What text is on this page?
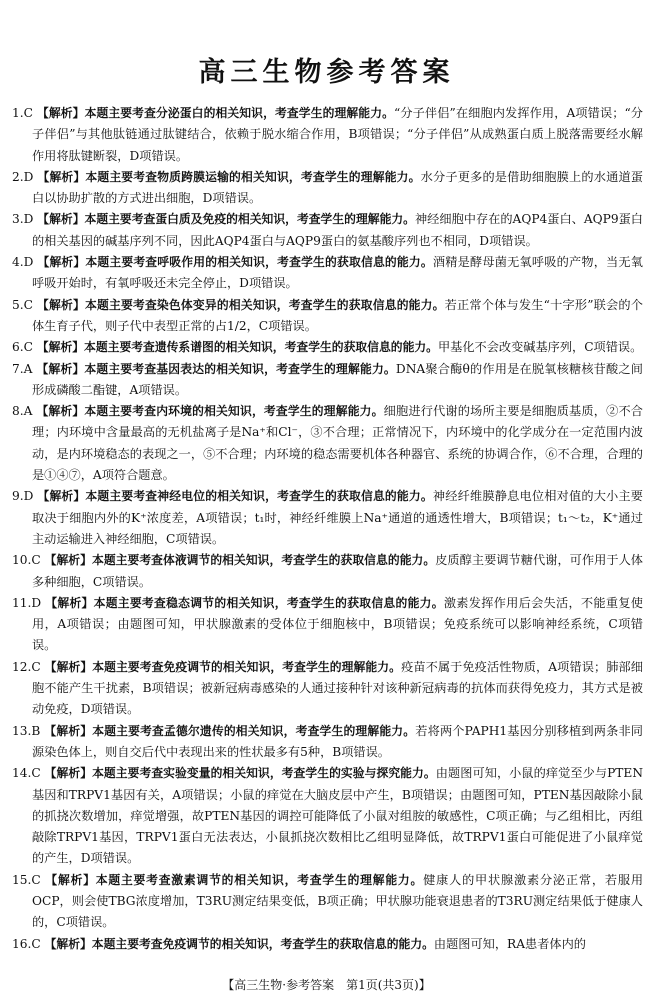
高三生物参考答案

1.C 【解析】本题主要考查分泌蛋白的相关知识，考查学生的理解能力。“分子伴侣”在细胞内发挥作用，A项错误；“分子伴侣”与其他肽链通过肽键结合，依赖于脱水缩合作用，B项错误；“分子伴侣”从成熟蛋白质上脱落需要经水解作用将肽键断裂，D项错误。

2.D 【解析】本题主要考查物质跨膜运输的相关知识，考查学生的理解能力。水分子更多的是借助细胞膜上的水通道蛋白以协助扩散的方式进出细胞，D项错误。

3.D 【解析】本题主要考查蛋白质及免疫的相关知识，考查学生的理解能力。神经细胞中存在的AQP4蛋白、AQP9蛋白的相关基因的碱基序列不同，因此AQP4蛋白与AQP9蛋白的氨基酸序列也不相同，D项错误。

4.D 【解析】本题主要考查呼吸作用的相关知识，考查学生的获取信息的能力。酒精是酵母菌无氧呼吸的产物，当无氧呼吸开始时，有氧呼吸还未完全停止，D项错误。

5.C 【解析】本题主要考查染色体变异的相关知识，考查学生的获取信息的能力。若正常个体与发生“十字形”联会的个体生育子代，则子代中表型正常的占1/2，C项错误。

6.C 【解析】本题主要考查遗传系谱图的相关知识，考查学生的获取信息的能力。甲基化不会改变碱基序列，C项错误。

7.A 【解析】本题主要考查基因表达的相关知识，考查学生的理解能力。DNA聚合酶θ的作用是在脱氧核糖核苷酸之间形成磷酸二酯键，A项错误。

8.A 【解析】本题主要考查内环境的相关知识，考查学生的理解能力。细胞进行代谢的场所主要是细胞质基质，②不合理；内环境中含量最高的无机盐离子是Na⁺和Cl⁻，③不合理；正常情况下，内环境中的化学成分在一定范围内波动，是内环境稳态的表现之一，⑤不合理；内环境的稳态需要机体各种器官、系统的协调合作，⑥不合理，合理的是①④⑦，A项符合题意。

9.D 【解析】本题主要考查神经电位的相关知识，考查学生的获取信息的能力。神经纤维膜静息电位相对值的大小主要取决于细胞内外的K⁺浓度差，A项错误；t₁时，神经纤维膜上Na⁺通道的通透性增大，B项错误；t₁～t₂，K⁺通过主动运输进入神经细胞，C项错误。

10.C 【解析】本题主要考查体液调节的相关知识，考查学生的获取信息的能力。皮质醇主要调节糖代谢，可作用于人体多种细胞，C项错误。

11.D 【解析】本题主要考查稳态调节的相关知识，考查学生的获取信息的能力。激素发挥作用后会失活，不能重复使用，A项错误；由题图可知，甲状腺激素的受体位于细胞核中，B项错误；免疫系统可以影响神经系统，C项错误。

12.C 【解析】本题主要考查免疫调节的相关知识，考查学生的理解能力。疫苗不属于免疫活性物质，A项错误；肺部细胞不能产生干扰素，B项错误；被新冠病毒感染的人通过接种针对该种新冠病毒的抗体而获得免疫力，其方式是被动免疫，D项错误。

13.B 【解析】本题主要考查孟德尔遗传的相关知识，考查学生的理解能力。若将两个PAPH1基因分别移植到两条非同源染色体上，则自交后代中表现出来的性状最多有5种，B项错误。

14.C 【解析】本题主要考查实验变量的相关知识，考查学生的实验与探究能力。由题图可知，小鼠的痒觉至少与PTEN基因和TRPV1基因有关，A项错误；小鼠的痒觉在大脑皮层中产生，B项错误；由题图可知，PTEN基因敲除小鼠的抓挠次数增加，痒觉增强，故PTEN基因的调控可能降低了小鼠对组胺的敏感性，C项正确；与乙组相比，丙组敲除TRPV1基因，TRPV1蛋白无法表达，小鼠抓挠次数相比乙组明显降低，故TRPV1蛋白可能促进了小鼠痒觉的产生，D项错误。

15.C 【解析】本题主要考查激素调节的相关知识，考查学生的理解能力。健康人的甲状腺激素分泌正常，若服用OCP，则会使TBG浓度增加，T3RU测定结果变低，B项正确；甲状腺功能衰退患者的T3RU测定结果低于健康人的，C项错误。

16.C 【解析】本题主要考查免疫调节的相关知识，考查学生的获取信息的能力。由题图可知，RA患者体内的

【高三生物·参考答案　第1页(共3页)】
